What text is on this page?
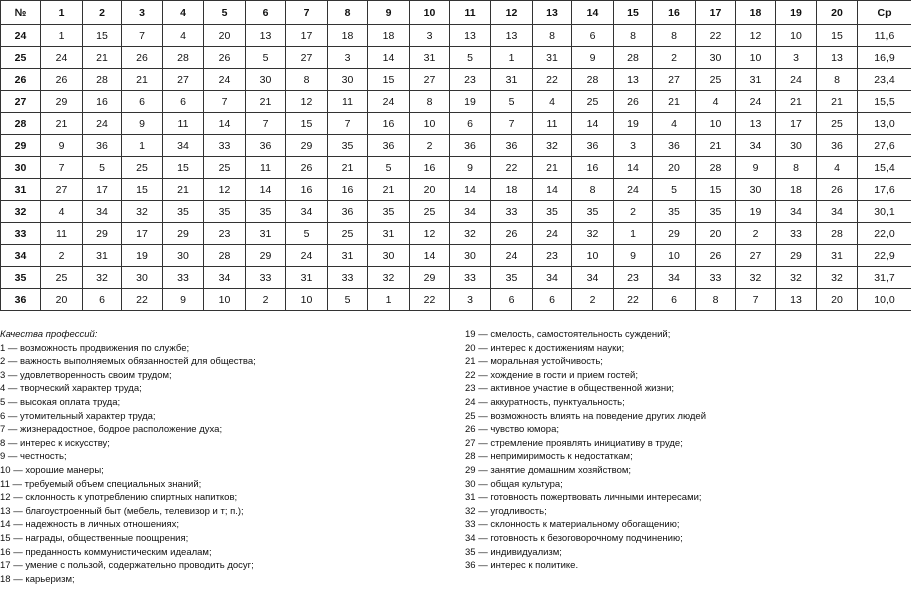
№	1	2	3	4	5	6	7	8	9	10	11	12	13	14	15	16	17	18	19	20	Ср
24	1	15	7	4	20	13	17	18	18	3	13	13	8	6	8	8	22	12	10	15	11,6
25	24	21	26	28	26	5	27	3	14	31	5	1	31	9	28	2	30	10	3	13	16,9
26	26	28	21	27	24	30	8	30	15	27	23	31	22	28	13	27	25	31	24	8	23,4
27	29	16	6	6	7	21	12	11	24	8	19	5	4	25	26	21	4	24	21	21	15,5
28	21	24	9	11	14	7	15	7	16	10	6	7	11	14	19	4	10	13	17	25	13,0
29	9	36	1	34	33	36	29	35	36	2	36	36	32	36	3	36	21	34	30	36	27,6
30	7	5	25	15	25	11	26	21	5	16	9	22	21	16	14	20	28	9	8	4	15,4
31	27	17	15	21	12	14	16	16	21	20	14	18	14	8	24	5	15	30	18	26	17,6
32	4	34	32	35	35	35	34	36	35	25	34	33	35	35	2	35	35	19	34	34	30,1
33	11	29	17	29	23	31	5	25	31	12	32	26	24	32	1	29	20	2	33	28	22,0
34	2	31	19	30	28	29	24	31	30	14	30	24	23	10	9	10	26	27	29	31	22,9
35	25	32	30	33	34	33	31	33	32	29	33	35	34	34	23	34	33	32	32	32	31,7
36	20	6	22	9	10	2	10	5	1	22	3	6	6	2	22	6	8	7	13	20	10,0
Качества профессий:
1 — возможность продвижения по службе;
2 — важность выполняемых обязанностей для общества;
3 — удовлетворенность своим трудом;
4 — творческий характер труда;
5 — высокая оплата труда;
6 — утомительный характер труда;
7 — жизнерадостное, бодрое расположение духа;
8 — интерес к искусству;
9 — честность;
10 — хорошие манеры;
11 — требуемый объем специальных знаний;
12 — склонность к употреблению спиртных напитков;
13 — благоустроенный быт (мебель, телевизор и т; п.);
14 — надежность в личных отношениях;
15 — награды, общественные поощрения;
16 — преданность коммунистическим идеалам;
17 — умение с пользой, содержательно проводить досуг;
18 — карьеризм;
19 — смелость, самостоятельность суждений;
20 — интерес к достижениям науки;
21 — моральная устойчивость;
22 — хождение в гости и прием гостей;
23 — активное участие в общественной жизни;
24 — аккуратность, пунктуальность;
25 — возможность влиять на поведение других людей
26 — чувство юмора;
27 — стремление проявлять инициативу в труде;
28 — непримиримость к недостаткам;
29 — занятие домашним хозяйством;
30 — общая культура;
31 — готовность пожертвовать личными интересами;
32 — угодливость;
33 — склонность к материальному обогащению;
34 — готовность к безоговорочному подчинению;
35 — индивидуализм;
36 — интерес к политике.
